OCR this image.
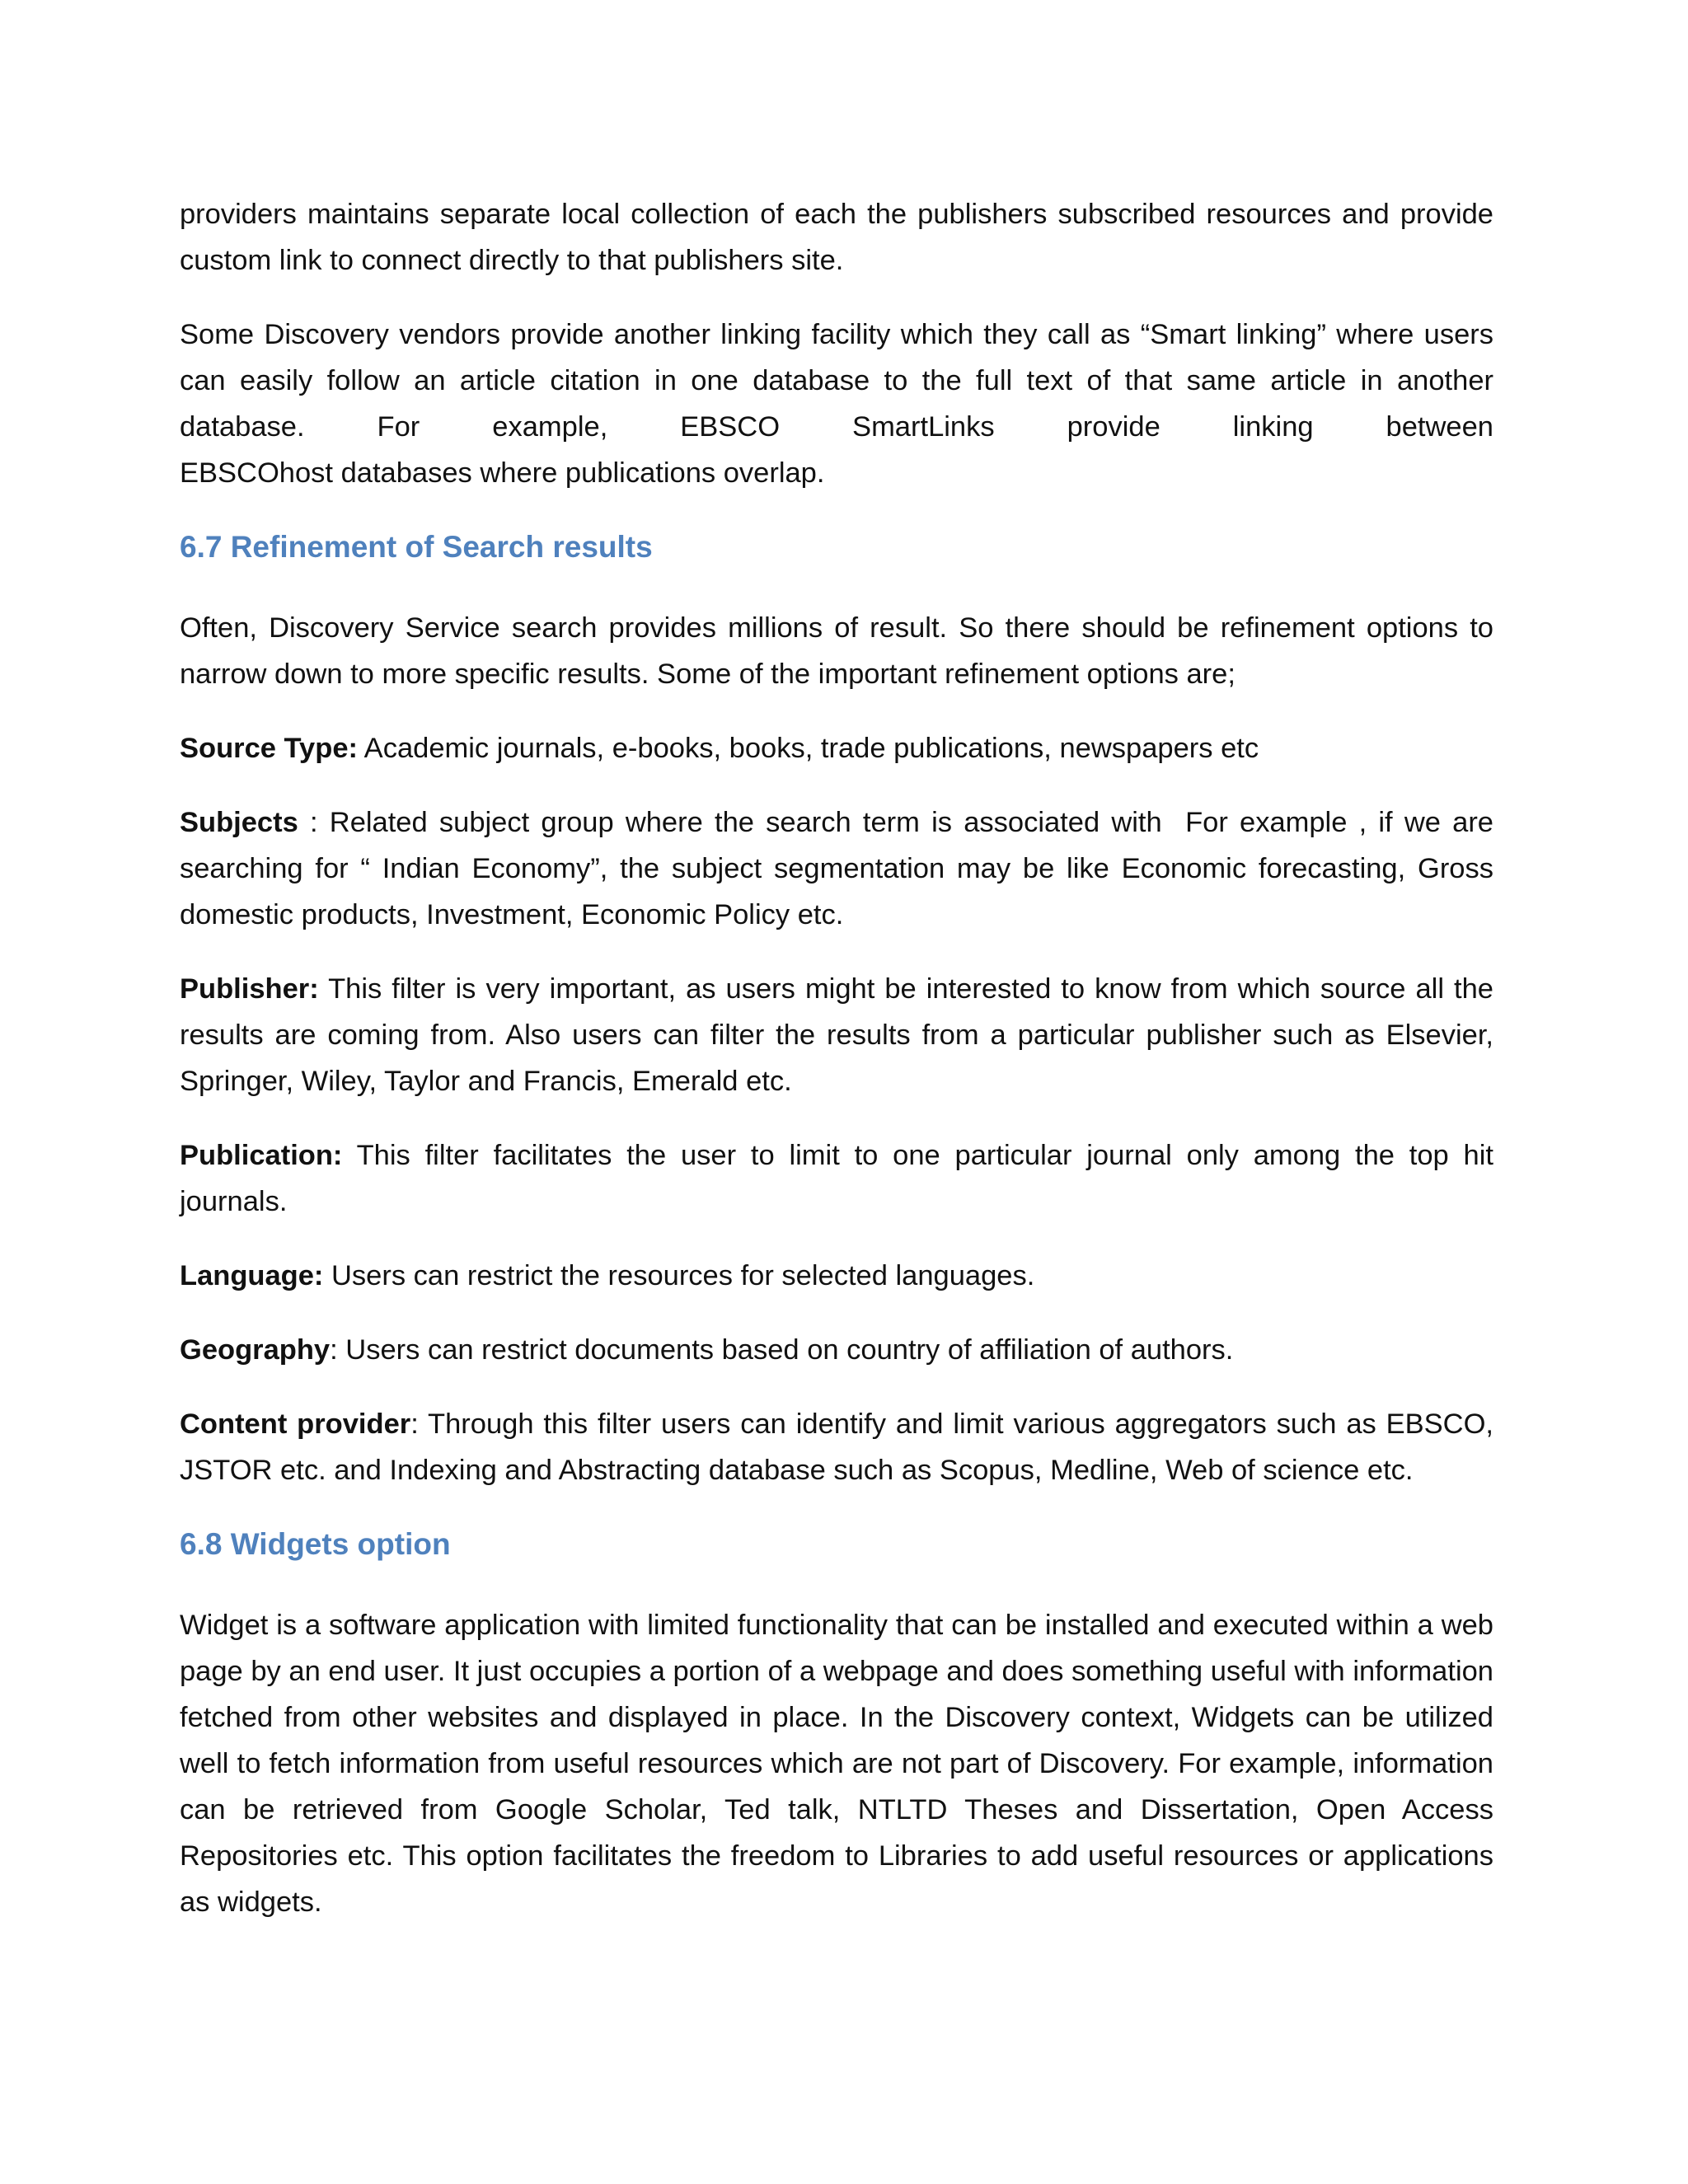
providers maintains separate local collection of each the publishers subscribed resources and provide custom link to connect directly to that publishers site.

Some Discovery vendors provide another linking facility which they call as “Smart linking” where users can easily follow an article citation in one database to the full text of that same article in another database. For example, EBSCO SmartLinks provide linking between
EBSCOhost databases where publications overlap.

6.7 Refinement of Search results

Often, Discovery Service search provides millions of result. So there should be refinement options to narrow down to more specific results. Some of the important refinement options are;

Source Type: Academic journals, e-books, books, trade publications, newspapers etc

Subjects : Related subject group where the search term is associated with  For example , if we are searching for “ Indian Economy”, the subject segmentation may be like Economic forecasting, Gross domestic products, Investment, Economic Policy etc.

Publisher: This filter is very important, as users might be interested to know from which source all the results are coming from. Also users can filter the results from a particular publisher such as Elsevier, Springer, Wiley, Taylor and Francis, Emerald etc.

Publication: This filter facilitates the user to limit to one particular journal only among the top hit journals.

Language: Users can restrict the resources for selected languages.

Geography: Users can restrict documents based on country of affiliation of authors.

Content provider: Through this filter users can identify and limit various aggregators such as EBSCO, JSTOR etc. and Indexing and Abstracting database such as Scopus, Medline, Web of science etc.

6.8 Widgets option

Widget is a software application with limited functionality that can be installed and executed within a web page by an end user. It just occupies a portion of a webpage and does something useful with information fetched from other websites and displayed in place. In the Discovery context, Widgets can be utilized well to fetch information from useful resources which are not part of Discovery. For example, information can be retrieved from Google Scholar, Ted talk, NTLTD Theses and Dissertation, Open Access Repositories etc. This option facilitates the freedom to Libraries to add useful resources or applications as widgets.
